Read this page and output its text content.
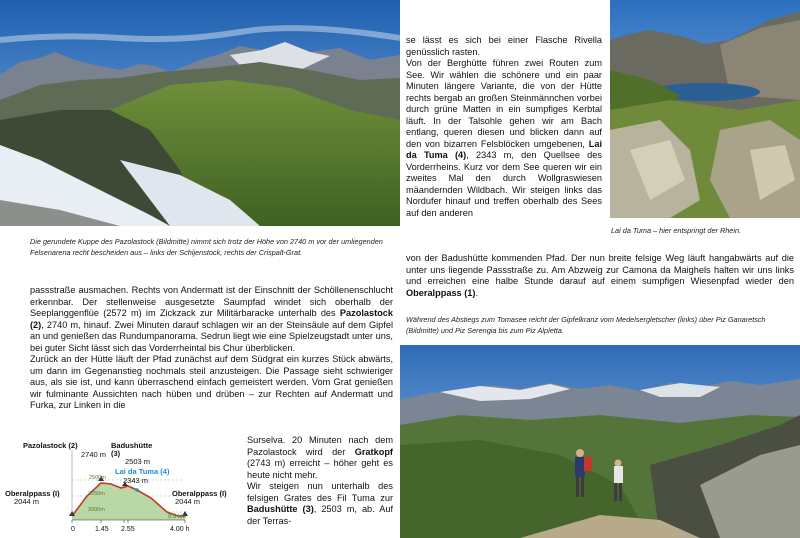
Die gerundete Kuppe des Pazolastock (Bildmitte) nimmt sich trotz der Höhe von 2740 m vor der umliegenden Felsenarena recht bescheiden aus – links der Schijenstock, rechts der Crispalt-Grat.

passstraße ausmachen. Rechts von Andermatt ist der Einschnitt der Schöllenenschlucht erkennbar. Der stellenweise ausgesetzte Saumpfad windet sich oberhalb der Seeplanggenflüe (2572 m) im Zickzack zur Militärbaracke unterhalb des Pazolastock (2), 2740 m, hinauf. Zwei Minuten darauf schlagen wir an der Steinsäule auf dem Gipfel an und genießen das Rundumpanorama. Sedrun liegt wie eine Spielzeugstadt unter uns, bei guter Sicht lässt sich das Vorderrheintal bis Chur überblicken.

Zurück an der Hütte läuft der Pfad zunächst auf dem Südgrat ein kurzes Stück abwärts, um dann im Gegenanstieg nochmals steil anzusteigen. Die Passage sieht schwieriger aus, als sie ist, und kann überraschend einfach gemeistert werden. Vom Grat genießen wir fulminante Aussichten nach hüben und drüben – zur Rechten auf Andermatt und Furka, zur Linken in die

Surselva. 20 Minuten nach dem Pazolastock wird der Gratkopf (2743 m) erreicht – höher geht es heute nicht mehr.

Wir steigen nun unterhalb des felsigen Grates des Fil Tuma zur Badushütte (3), 2503 m, ab. Auf der Terras-

Pazolastock (2)
2740 m
Badushütte
(3)
2503 m
Lai da Tuma (4)
2343 m
Oberalppass (I)
2044 m
Oberalppass (I)
2044 m
2500m
2250m
2000m
9.9 km
0	1.45 2.55	4.00 h

se lässt es sich bei einer Flasche Rivella genüsslich rasten.

Von der Berghütte führen zwei Routen zum See. Wir wählen die schönere und ein paar Minuten längere Variante, die von der Hütte rechts bergab an großen Steinmännchen vorbei durch grüne Matten in ein sumpfiges Kerbtal läuft. In der Talsohle gehen wir am Bach entlang, queren diesen und blicken dann auf den von bizarren Felsblöcken umgebenen, Lai da Tuma (4), 2343 m, den Quellsee des Vorderrheins. Kurz vor dem See queren wir ein zweites Mal den durch Wollgraswiesen mäandernden Wildbach. Wir steigen links das Nordufer hinauf und treffen oberhalb des Sees auf den anderen

Lai da Tuma – hier entspringt der Rhein.

von der Badushütte kommenden Pfad. Der nun breite felsige Weg läuft hangabwärts auf die unter uns liegende Passstraße zu. Am Abzweig zur Camona da Maighels halten wir uns links und erreichen eine halbe Stunde darauf auf einem sumpfigen Wiesenpfad wieder den Oberalppass (1).

Während des Abstiegs zum Tomasee reicht der Gipfelkranz vom Medelsergletscher (links) über Piz Ganaretsch (Bildmitte) und Piz Serengia bis zum Piz Alpletta.
